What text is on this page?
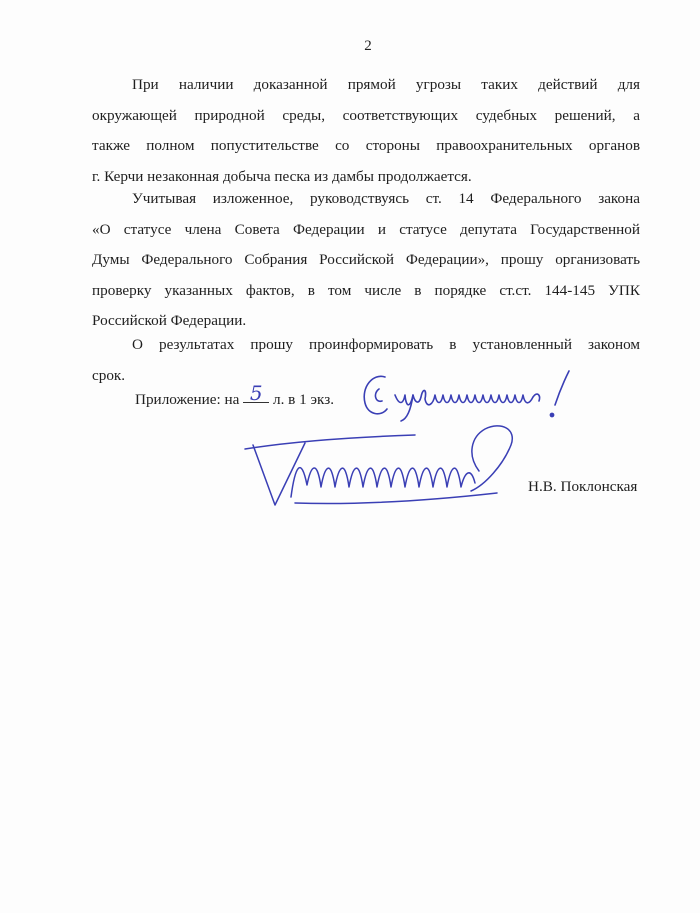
2

При наличии доказанной прямой угрозы таких действий для
окружающей природной среды, соответствующих судебных решений, а
также полном попустительстве со стороны правоохранительных органов
г. Керчи незаконная добыча песка из дамбы продолжается.

Учитывая изложенное, руководствуясь ст. 14 Федерального закона
«О статусе члена Совета Федерации и статусе депутата Государственной
Думы Федерального Собрания Российской Федерации», прошу организовать
проверку указанных фактов, в том числе в порядке ст.ст. 144-145 УПК
Российской Федерации.

О результатах прошу проинформировать в установленный законом
срок.

Приложение: на 5 л. в 1 экз.
Н.В. Поклонская
